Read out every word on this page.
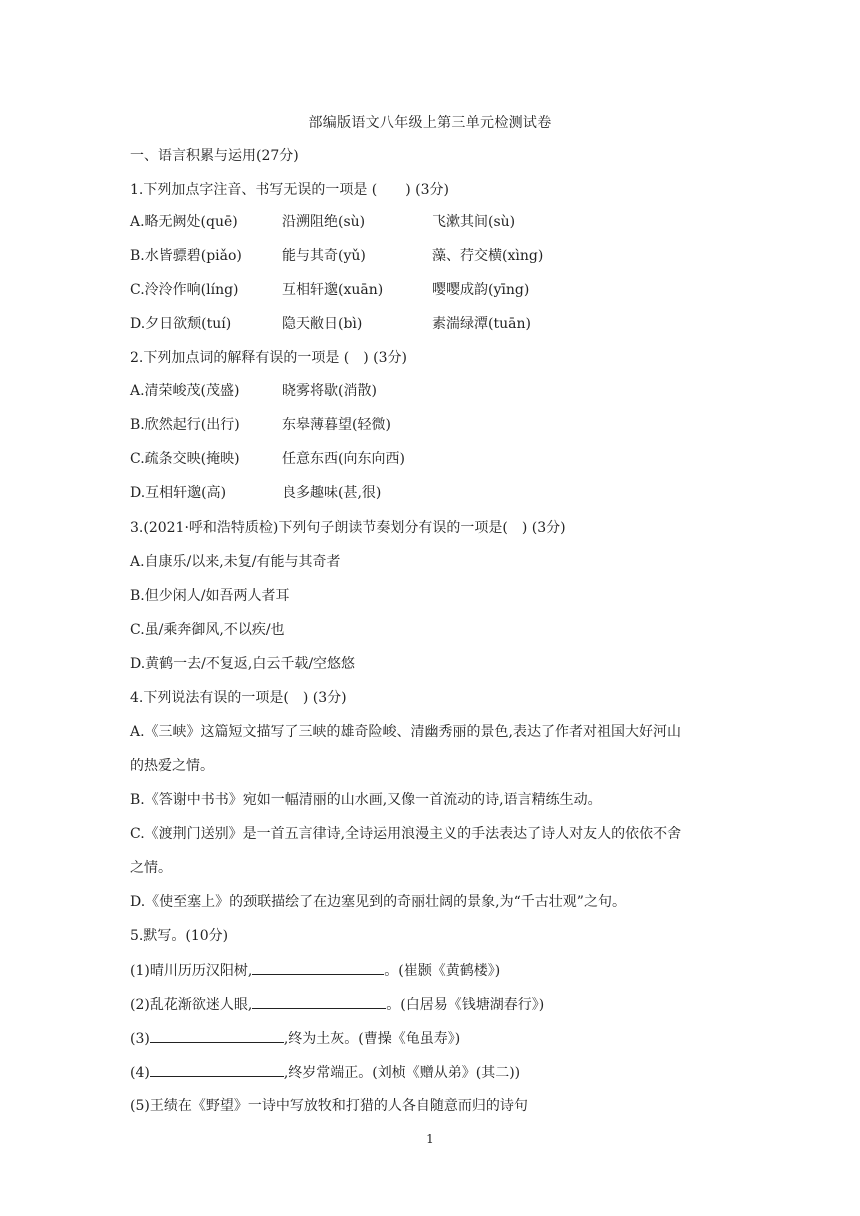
部编版语文八年级上第三单元检测试卷
一、语言积累与运用(27分)
1.下列加点字注音、书写无误的一项是 (　　) (3分)
A.略无阙处(quē)	沿溯阻绝(sù)	飞漱其间(sù)
B.水皆骠碧(piǎo)	能与其奇(yǔ)	藻、荇交横(xìng)
C.泠泠作响(líng)	互相轩邈(xuān)	嘤嘤成韵(yīng)
D.夕日欲颓(tuí)	隐天敝日(bì)	素湍绿潭(tuān)
2.下列加点词的解释有误的一项是 (　) (3分)
A.清荣峻茂(茂盛)	晓雾将歇(消散)
B.欣然起行(出行)	东皋薄暮望(轻微)
C.疏条交映(掩映)	任意东西(向东向西)
D.互相轩邈(高)	良多趣味(甚,很)
3.(2021·呼和浩特质检)下列句子朗读节奏划分有误的一项是(　) (3分)
A.自康乐/以来,未复/有能与其奇者
B.但少闲人/如吾两人者耳
C.虽/乘奔御风,不以疾/也
D.黄鹤一去/不复返,白云千载/空悠悠
4.下列说法有误的一项是(　) (3分)
A.《三峡》这篇短文描写了三峡的雄奇险峻、清幽秀丽的景色,表达了作者对祖国大好河山
的热爱之情。
B.《答谢中书书》宛如一幅清丽的山水画,又像一首流动的诗,语言精练生动。
C.《渡荆门送别》是一首五言律诗,全诗运用浪漫主义的手法表达了诗人对友人的依依不舍
之情。
D.《使至塞上》的颈联描绘了在边塞见到的奇丽壮阔的景象,为“千古壮观”之句。
5.默写。(10分)
(1)晴川历历汉阳树,	。(崔颢《黄鹤楼》)
(2)乱花渐欲迷人眼,	。(白居易《钱塘湖春行》)
(3)	,终为土灰。(曹操《龟虽寿》)
(4)	,终岁常端正。(刘桢《赠从弟》(其二))
(5)王绩在《野望》一诗中写放牧和打猎的人各自随意而归的诗句
1
